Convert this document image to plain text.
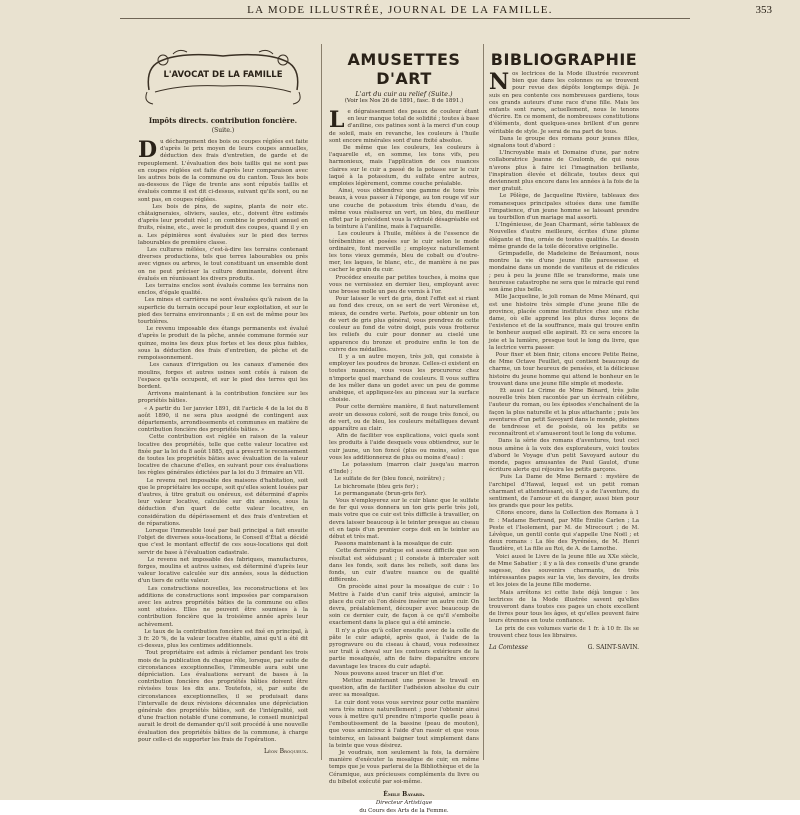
LA MODE ILLUSTRÉE, JOURNAL DE LA FAMILLE.	353
L'AVOCAT DE LA FAMILLE
Impôts directs. contribution foncière. (Suite.)
Du déchargement des bois ou coupes réglées est faite d'après le prix moyen de leurs coupes annuelles, déduction des frais d'entretien, de garde et de repeuplement. L'évaluation des bois taillis qui ne sont pas en coupes réglées est faite d'après leur comparaison avec les autres bois de la commune ou du canton. Tous les bois au-dessous de l'âge de trente ans sont réputés taillis et évalués comme il est dit ci-dessus, suivant qu'ils sont, ou ne sont pas, en coupes réglées.
Les bois de pins, de sapins, plants de noir etc. châtaigneraies, oliviers, saules, etc., doivent être estimés d'après leur produit réel ; on combine le produit annuel en fruits, résine, etc., avec le produit des coupes, quand il y en a. Les pépinières sont évaluées sur le pied des terres labourables de première classe.
Les cultures mêlées, c'est-à-dire les terrains contenant diverses productions, tels que terres labourables ou prés avec vignes ou arbres, le tout constituant un ensemble dont on ne peut préciser la culture dominante, doivent être évalués en réunissant les divers produits.
Les terrains enclos sont évalués comme les terrains non enclos, d'égale qualité.
Les mines et carrières ne sont évaluées qu'à raison de la superficie du terrain occupé pour leur exploitation, et sur le pied des terrains environnants ; il en est de même pour les tourbières.
Le revenu imposable des étangs permanents est évalué d'après le produit de la pêche, année commune formée sur quinze, moins les deux plus fortes et les deux plus faibles, sous la déduction des frais d'entretien, de pêche et de rempoissonnement.
Les canaux d'irrigation ou les canaux d'amenée des moulins, forges et autres usines sont cotés à raison de l'espace qu'ils occupent, et sur le pied des terres qui les bordent.
Arrivons maintenant à la contribution foncière sur les propriétés bâties.
« A partir du 1er janvier 1891, dit l'article 4 de la loi du 8 août 1890, il ne sera plus assigné de contingent aux départements, arrondissements et communes en matière de contribution foncière des propriétés bâties. »
Cette contribution est réglée en raison de la valeur locative des propriétés, telle que cette valeur locative est fixée par la loi du 8 août 1885, qui a prescrit le recensement de toutes les propriétés bâties avec évaluation de la valeur locative de chacune d'elles, en suivant pour ces évaluations les règles générales édictées par la loi du 3 frimaire an VII.
Le revenu net imposable des maisons d'habitation, soit que le propriétaire les occupe, soit qu'elles soient louées par d'autres, à titre gratuit ou onéreux, est déterminé d'après leur valeur locative, calculée sur dix années, sous la déduction d'un quart de cette valeur locative, en considération du dépérissement et des frais d'entretien et de réparations.
Lorsque l'immeuble loué par bail principal a fait ensuite l'objet de diverses sous-locations, le Conseil d'État a décidé que c'est le montant effectif de ces sous-locations qui doit servir de base à l'évaluation cadastrale.
Le revenu net imposable des fabriques, manufactures, forges, moulins et autres usines, est déterminé d'après leur valeur locative calculée sur dix années, sous la déduction d'un tiers de cette valeur.
Les constructions nouvelles, les reconstructions et les additions de constructions sont imposées par comparaison avec les autres propriétés bâties de la commune ou elles sont situées. Elles ne peuvent être soumises à la contribution foncière que la troisième année après leur achèvement.
Le taux de la contribution foncière est fixé en principal, à 3 fr. 20 %, de la valeur locative établie, ainsi qu'il a été dit ci-dessus, plus les centimes additionnels.
Tout propriétaire est admis à réclamer pendant les trois mois de la publication du chaque rôle, lorsque, par suite de circonstances exceptionnelles, l'immeuble aura subi une dépréciation. Les évaluations servant de bases à la contribution foncière des propriétés bâties doivent être révisées tous les dix ans. Toutefois, si, par suite de circonstances exceptionnelles, il se produisait dans l'intervalle de deux révisions décennales une dépréciation générale des propriétés bâties, soit de l'intégralité, soit d'une fraction notable d'une commune, le conseil municipal aurait le droit de demander qu'il soit procédé à une nouvelle évaluation des propriétés bâties de la commune, à charge pour celle-ci de supporter les frais de l'opération.
Léon Broqueux.
AMUSETTES D'ART
L'art du cuir au relief (Suite.)
(Voir les Nos 26 de 1891, fasc. 8 de 1891.)
Le dégraissement des peaux de couleur étant en leur manque total de solidité ; toutes à base d'aniline, ces patines sont à la merci d'un coup de soleil, mais en revanche, les couleurs à l'huile sont encore minérales sont d'une fixité absolue.
De même que les couleurs, les couleurs à l'aquarelle et, en somme, les tons vifs, peu harmonieux, mais l'application de ces nuances claires sur le cuir a passé de la potasse sur le cuir laqué à la potassium, du sulfate entre autres, emploies légèrement, comme couche préalable.
Ainsi, vous obtiendrez une gamme de tons très beaux, à vous passer à l'éponge, au ton rouge vif sur une couche de potassium très étendu d'eau, de même vous réaliserez un vert, un bleu, du meilleur effet par le précédent vous la vitriolé désagréable est la teinture à l'aniline, mais à l'aquarelle.
Les couleurs à l'huile, mêlées à de l'essence de térébenthine et posées sur le cuir selon le mode ordinaire, font merveille ; employez naturellement les tons vieux gemmés, bleu de cobalt ou d'outre-mer, les laques, le blanc, etc., de manière à ne pas cacher le grain du cuir.
Procédez ensuite par petites touches, à moins que vous ne vernissiez en dernier lieu, employant avec une brosse molle un peu de vernis à l'or.
Pour laisser le vert de gris, dont l'effet est si riant au fond des creux, on se sert de vert Véronèse et, mieux, de cendre verte. Parfois, pour obtenir un ton de vert de gris plus général, vous prendrez de cette couleur au fond de votre doigt, puis vous frotterez les reliefs du cuir pour donner au ciselé une apparence du bronze et produire enfin le ton de cuivre des médailles.
Il y a un autre moyen, très joli, qui consiste à employer les poudres de bronze. Celles-ci existent en toutes nuances, vous vous les procurerez chez n'importe quel marchand de couleurs. Il vous suffira de les mêler dans un godet avec un peu de gomme arabique, et appliquez-les au pinceau sur la surface choisie.
Pour cette dernière manière, il faut naturellement avoir un dessous coloré, soit de rouge très foncé, ou de vert, ou de bleu, les couleurs métalliques devant apparaître au clair.
Afin de faciliter vos explications, voici quels sont les produits à l'aide desquels vous obtiendrez, sur le cuir jaune, un ton foncé (plus ou moins, selon que vous les additionnerez de plus ou moins d'eau) :
Le potassium (marron clair jusqu'au marron d'Inde) ;
Le sulfate de fer (bleu foncé, noirâtre) ;
Le bichromate (bleu gris fer) ;
Le permanganate (brun-gris fer).
Vous n'employerez sur le cuir blanc que le sulfate de fer qui vous donnera un ton gris perle très joli, mais votre que ce cuir est très difficile à travailler, on devra laisser beaucoup à le teinter presque au ciseau et en tapis d'un premier corps doit en le teinter au début et très mat.
Passons maintenant à la mosaïque de cuir.
Cette dernière pratique est assez difficile que son résultat est séduisant ; il consiste à intercaler soit dans les fonds, soit dans les reliefs, soit dans les fonds, un cuir d'autre nuance ou de qualité différente.
On procède ainsi pour la mosaïque de cuir : 1o Mettre à l'aide d'un canif très aiguisé, amincir la place du cuir où l'on désire insérer un autre cuir. On devra, préalablement, découper avec beaucoup de soin ce dernier cuir, de façon à ce qu'il s'emboîte exactement dans la place qui a été amincie.
Il n'y a plus qu'à coller ensuite avec de la colle de pâte le cuir adapté, après quoi, à l'aide de la pyrogravure ou du ciseau à chaud, vous redessinez sur trait à cheval sur les contours extérieurs de la partie mosaïquée, afin de faire disparaître encore davantage les traces du cuir adapté.
Nous pouvons aussi tracer un filet d'or.
Mettez maintenant une presse le travail en question, afin de faciliter l'adhésion absolue du cuir avec sa mosaïque.
Le cuir dont vous vous servirez pour cette manière sera très mince naturellement ; pour l'obtenir ainsi vous à mettre qu'il prendre n'importe quelle peau à l'emboutissement de la bassine (peau de mouton), que vous amincirez à l'aide d'un rasoir et que vous teinterez, en laissant baigner tout simplement dans la teinte que vous désirez.
Je voudrais, non seulement la fois, la dernière manière d'exécuter la mosaïque de cuir, en même temps que je vous parlerai de la Bibliothèque et de la Céramique, aux précieuses compléments du livre ou du bibelot exécuté par soi-même.
Émile Bayard.
Directeur Artistique
du Cours des Arts de la Femme.
BIBLIOGRAPHIE
Nos lectrices de la Mode illustrée recevront bien que dans les colonnes ou se trouvent pour revue des dépôts longtemps déjà. Je suis en peu contente ces nombreuses gardiens, tous ces grands auteurs d'une race d'une fille. Mais les enfants sont rares, actuellement, nous le tenons d'écrire. En ce moment, de nombreuses constitutions d'éléments, dont quelques-unes brillent d'un genre véritable de style. Je serai de ma part de tous.
Dans le groupe des romans pour jeunes filles, signalons tout d'abord :
L'Incroyable mais et Domaine d'une, par notre collaboratrice Jeanne de Coulomb, de qui nous n'avons plus à faire ici l'imagination brillante, l'inspiration élevée et délicate, toutes deux qui deviennent plus encore dans les années à la fois de la mer gratuit.
Le Pôlège, de Jacqueline Rivière, tableaux des romanesques principales situées dans une famille l'impatience, d'un jeune homme se laissant prendre au tourbillon d'un mariage mal assorti.
L'Ingénieuse, de Jean Charmant, série tableaux de Nouvelles d'autre meilleure, écrites d'une plume élégante et fine, ornée de toutes qualités. Le dessin même grande de la toile décorative originelle.
Grimpadelle, de Madeleine de Bréaumont, nous montre la vie d'une jeune fille paresseuse et mondaine dans un monde de vaniteux et de ridicules ; peu à peu la jeune fille se transforme, mais une heureuse catastrophe ne sera que le miracle qui rend son âme plus belle.
Mlle Jacqueline, le joli roman de Mme Ménard, qui est une histoire très simple d'une jeune fille de province, placée comme institutrice chez une riche dame, où elle apprend les plus dures leçons de l'existence et de la souffrance, mais qui trouve enfin le bonheur auquel elle aspirait. Et ce sera encore la joie et la lumière, presque tout le long du livre, que la lectrice verra passer.
Pour fixer et bien finir, citons encore Petite Reine, de Mme Octave Feuillet, qui contient beaucoup de charme, un tour heureux de pensées, et la délicieuse histoire du jeune homme qui attend le bonheur en le trouvant dans une jeune fille simple et modeste.
Et aussi Le Crime de Mme Bénard, très jolie nouvelle très bien racontée par un écrivain célèbre, l'auteur du roman, ou les épisodes s'enchaînent de la façon la plus naturelle et la plus attachante ; puis les aventures d'un petit Savoyard dans le monde, pleines de tendresse et de poésie, où les petits se reconnaîtront et s'amuseront tout le long du volume.
Dans la série des romans d'aventures, tout ceci nous amène à la voix des explorateurs, voici toutes d'abord le Voyage d'un petit Savoyard autour du monde, pages amusantes de Paul Gaulot, d'une écriture alerte qui réjouira les petits garçons.
Puis La Dame de Mme Bernard : mystère de l'archipel d'Hawaï, lequel est un petit roman charmant et attendrissant, où il y a de l'aventure, du sentiment, de l'amour et du danger, aussi bien pour les grands que pour les petits.
Citons encore, dans la Collection des Romans à 1 fr. : Madame Bertrand, par Mlle Émilie Carlen ; La Peste et l'Isolement, par M. de Mirecourt ; de M. Lévêque, un gentil conte qui s'appelle Une Noël ; et deux romans : La fée des Pyrénées, de M. Henri Taudière, et La fille au Roi, de A. de Lamothe.
Voici aussi le Livre de la jeune fille au XXe siècle, de Mme Sabatier ; il y a là des conseils d'une grande sagesse, des souvenirs charmants, de très intéressantes pages sur la vie, les devoirs, les droits et les joies de la jeune fille moderne.
Mais arrêtons ici cette liste déjà longue : les lectrices de la Mode illustrée savent qu'elles trouveront dans toutes ces pages un choix excellent de livres pour tous les âges, et qu'elles peuvent faire leurs étrennes en toute confiance.
Le prix de ces volumes varie de 1 fr. à 10 fr. Ils se trouvent chez tous les libraires.
La Comtesse	G. SAINT-SAVIN.
